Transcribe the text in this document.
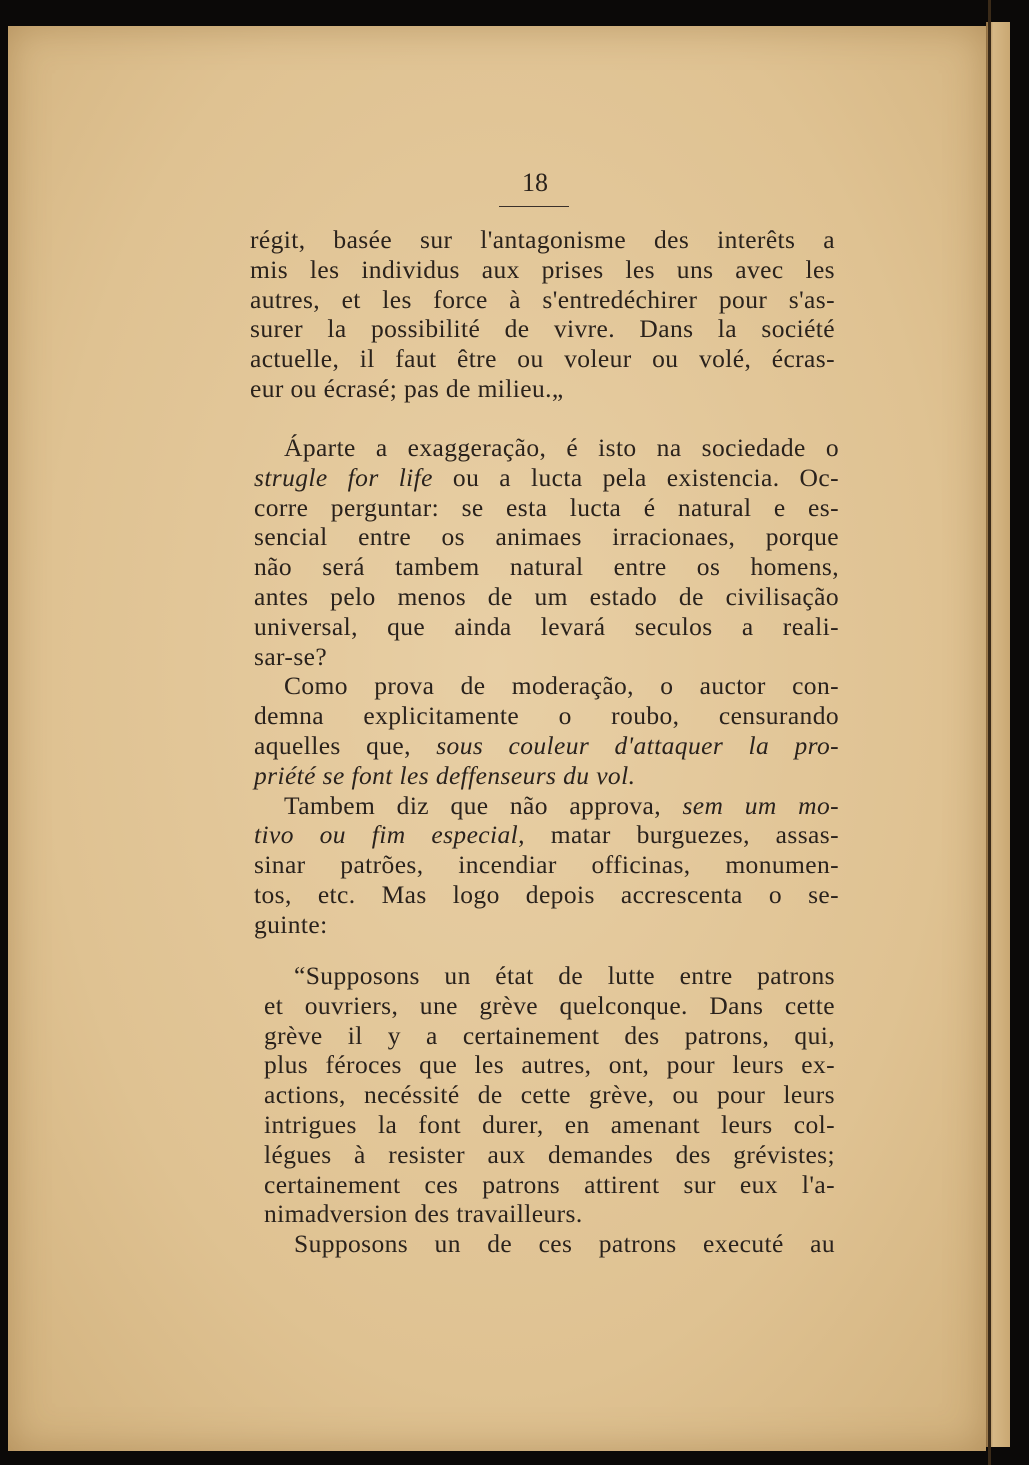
18
régit, basée sur l'antagonisme des interêts a
mis les individus aux prises les uns avec les
autres, et les force à s'entredéchirer pour s'as-
surer la possibilité de vivre. Dans la société
actuelle, il faut être ou voleur ou volé, écras-
eur ou écrasé; pas de milieu.„
Áparte a exaggeração, é isto na sociedade o
strugle for life ou a lucta pela existencia. Oc-
corre perguntar: se esta lucta é natural e es-
sencial entre os animaes irracionaes, porque
não será tambem natural entre os homens,
antes pelo menos de um estado de civilisação
universal, que ainda levará seculos a reali-
sar-se?
Como prova de moderação, o auctor con-
demna explicitamente o roubo, censurando
aquelles que, sous couleur d'attaquer la pro-
priété se font les deffenseurs du vol.
Tambem diz que não approva, sem um mo-
tivo ou fim especial, matar burguezes, assas-
sinar patrões, incendiar officinas, monumen-
tos, etc. Mas logo depois accrescenta o se-
guinte:
“Supposons un état de lutte entre patrons
et ouvriers, une grève quelconque. Dans cette
grève il y a certainement des patrons, qui,
plus féroces que les autres, ont, pour leurs ex-
actions, necéssité de cette grève, ou pour leurs
intrigues la font durer, en amenant leurs col-
légues à resister aux demandes des grévistes;
certainement ces patrons attirent sur eux l'a-
nimadversion des travailleurs.
Supposons un de ces patrons executé au
